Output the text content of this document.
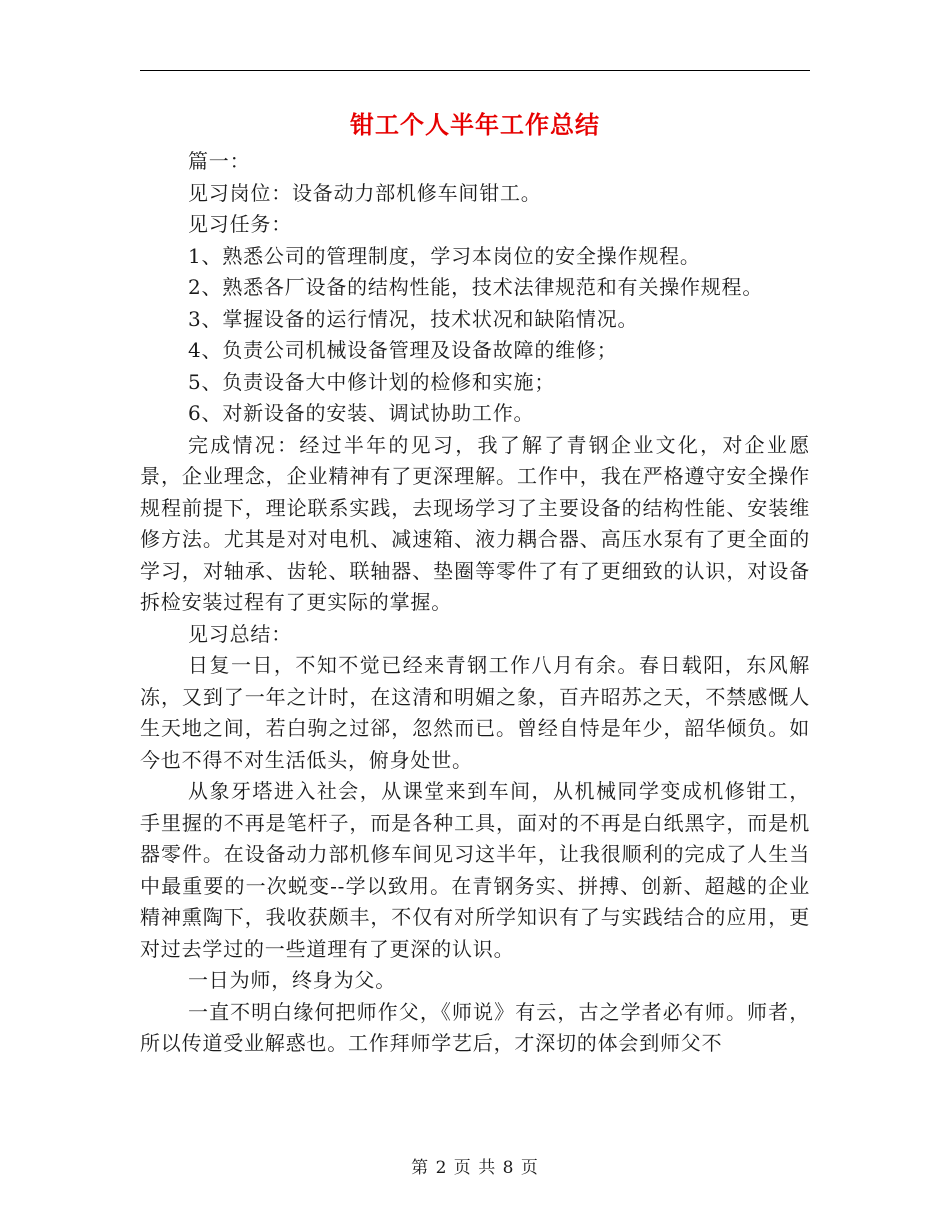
钳工个人半年工作总结

篇一：

见习岗位：设备动力部机修车间钳工。

见习任务：

1、熟悉公司的管理制度，学习本岗位的安全操作规程。

2、熟悉各厂设备的结构性能，技术法律规范和有关操作规程。

3、掌握设备的运行情况，技术状况和缺陷情况。

4、负责公司机械设备管理及设备故障的维修；

5、负责设备大中修计划的检修和实施；

6、对新设备的安装、调试协助工作。

完成情况：经过半年的见习，我了解了青钢企业文化，对企业愿景，企业理念，企业精神有了更深理解。工作中，我在严格遵守安全操作规程前提下，理论联系实践，去现场学习了主要设备的结构性能、安装维修方法。尤其是对对电机、减速箱、液力耦合器、高压水泵有了更全面的学习，对轴承、齿轮、联轴器、垫圈等零件了有了更细致的认识，对设备拆检安装过程有了更实际的掌握。

见习总结：

日复一日，不知不觉已经来青钢工作八月有余。春日载阳，东风解冻，又到了一年之计时，在这清和明媚之象，百卉昭苏之天，不禁感慨人生天地之间，若白驹之过郤，忽然而已。曾经自恃是年少，韶华倾负。如今也不得不对生活低头，俯身处世。

从象牙塔进入社会，从课堂来到车间，从机械同学变成机修钳工，手里握的不再是笔杆子，而是各种工具，面对的不再是白纸黑字，而是机器零件。在设备动力部机修车间见习这半年，让我很顺利的完成了人生当中最重要的一次蜕变--学以致用。在青钢务实、拼搏、创新、超越的企业精神熏陶下，我收获颇丰，不仅有对所学知识有了与实践结合的应用，更对过去学过的一些道理有了更深的认识。

一日为师，终身为父。

一直不明白缘何把师作父，《师说》有云，古之学者必有师。师者，所以传道受业解惑也。工作拜师学艺后，才深切的体会到师父不

第 2 页 共 8 页
